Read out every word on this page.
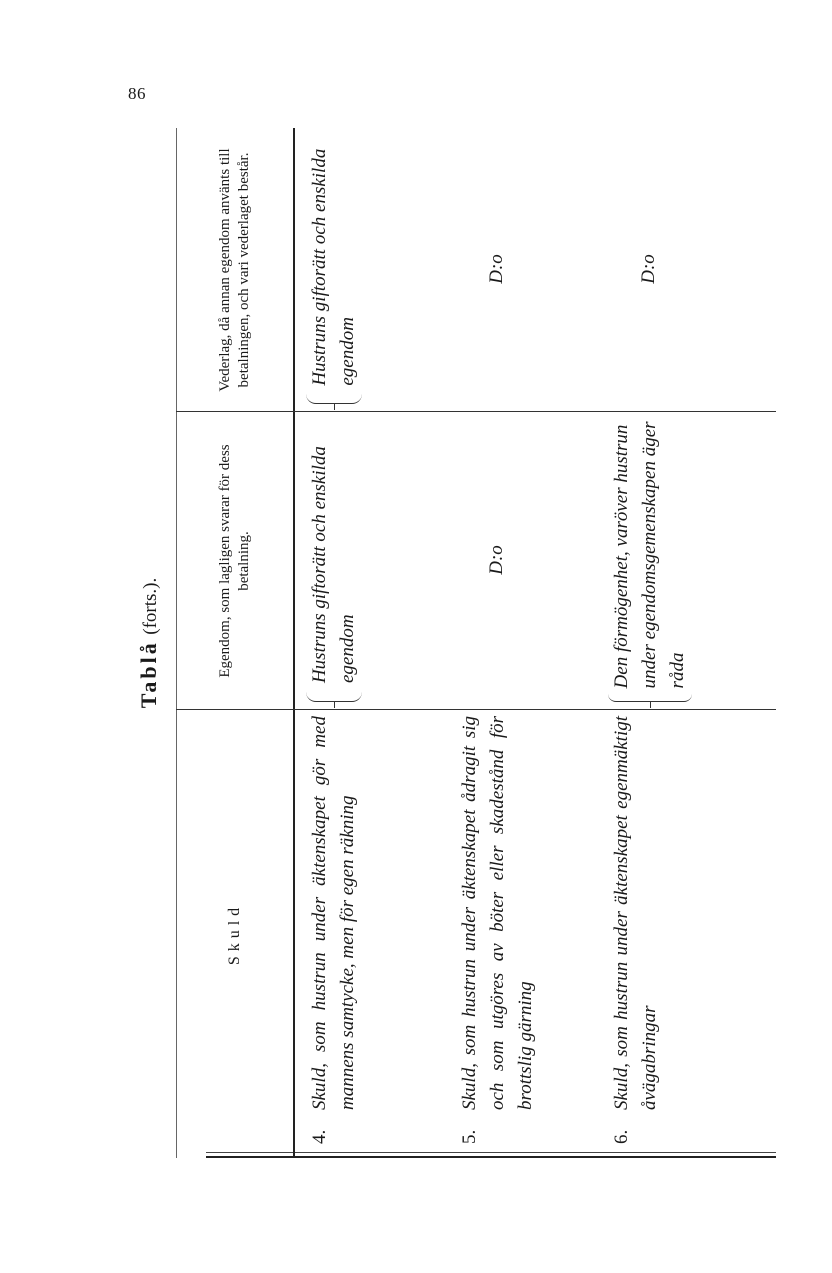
86
Tablå (forts.).
Skuld
Egendom, som lagligen svarar för dess betalning.
Vederlag, då annan egendom använts till betalningen, och vari vederlaget består.
4.
Skuld, som hustrun under äktenskapet gör med mannens samtycke, men för egen räkning
Hustruns giftorätt och enskilda egendom
Hustruns giftorätt och enskilda egendom
5.
Skuld, som hustrun under äktenskapet ådragit sig och som utgöres av böter eller skadestånd för brottslig gärning
D:o
D:o
6.
Skuld, som hustrun under äktenskapet egenmäktigt åvägabringar
Den förmögenhet, varöver hustrun under egendomsgemenskapen äger råda
D:o
